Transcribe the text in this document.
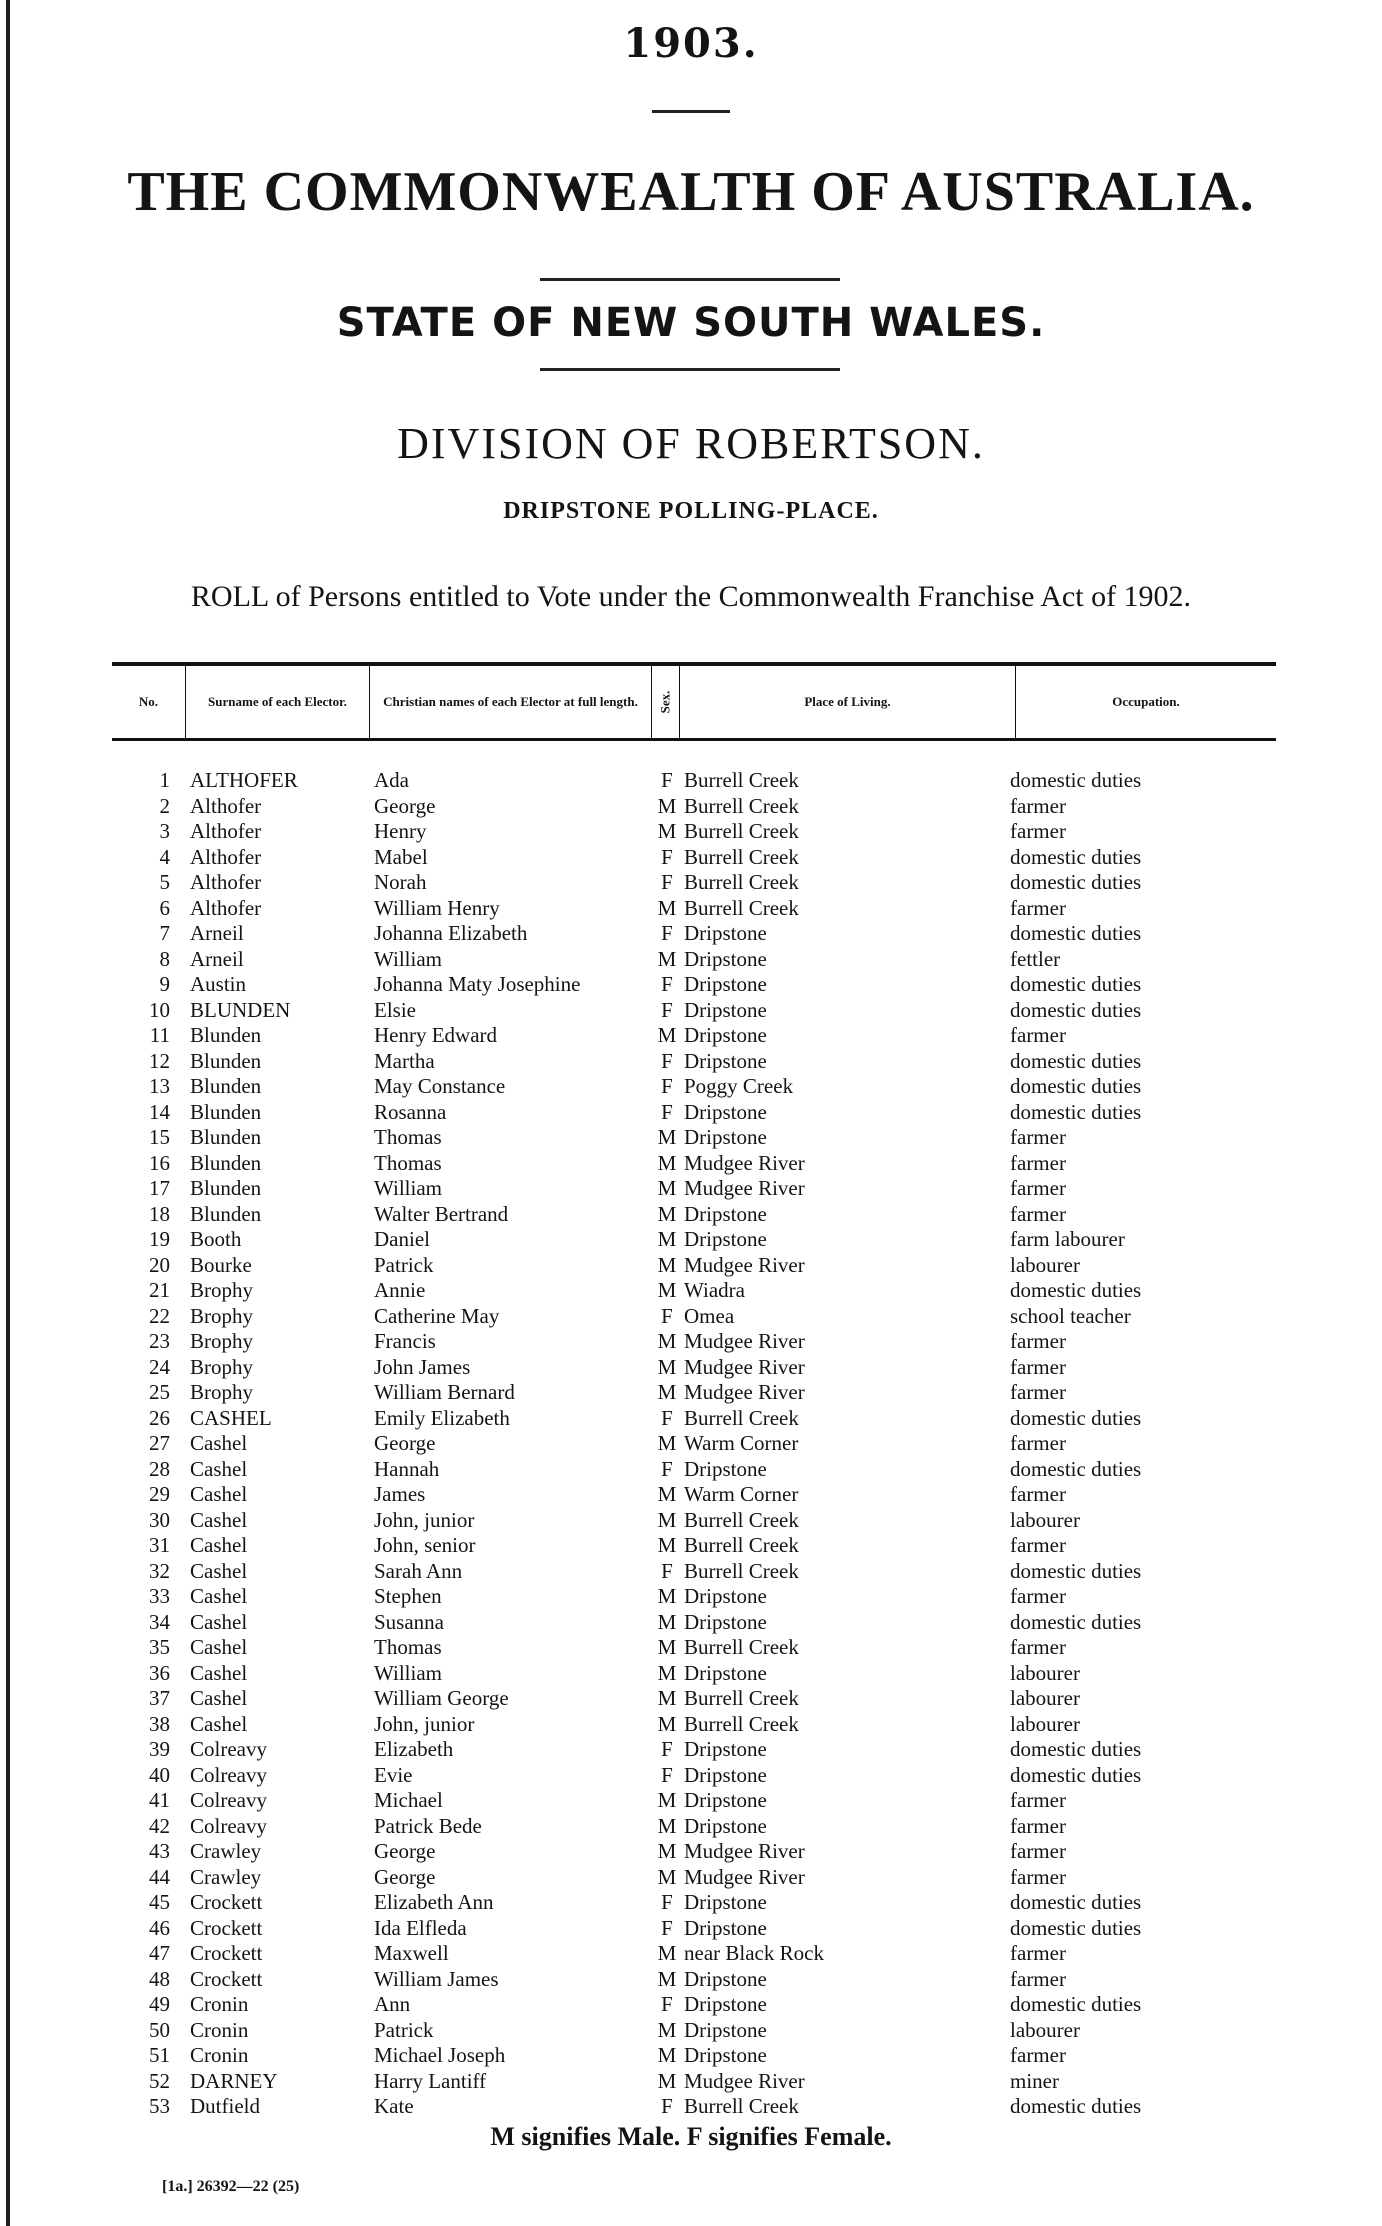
1903.
THE COMMONWEALTH OF AUSTRALIA.
STATE OF NEW SOUTH WALES.
DIVISION OF ROBERTSON.
DRIPSTONE POLLING-PLACE.
ROLL of Persons entitled to Vote under the Commonwealth Franchise Act of 1902.
No.	Surname of each Elector.	Christian names of each Elector at full length.	Sex.	Place of Living.	Occupation.
1 ALTHOFER	Ada	F Burrell Creek	domestic duties
2 Althofer	George	M Burrell Creek	farmer
3 Althofer	Henry	M Burrell Creek	farmer
4 Althofer	Mabel	F Burrell Creek	domestic duties
5 Althofer	Norah	F Burrell Creek	domestic duties
6 Althofer	William Henry	M Burrell Creek	farmer
7 Arneil	Johanna Elizabeth	F Dripstone	domestic duties
8 Arneil	William	M Dripstone	fettler
9 Austin	Johanna Maty Josephine	F Dripstone	domestic duties
10 BLUNDEN	Elsie	F Dripstone	domestic duties
11 Blunden	Henry Edward	M Dripstone	farmer
12 Blunden	Martha	F Dripstone	domestic duties
13 Blunden	May Constance	F Poggy Creek	domestic duties
14 Blunden	Rosanna	F Dripstone	domestic duties
15 Blunden	Thomas	M Dripstone	farmer
16 Blunden	Thomas	M Mudgee River	farmer
17 Blunden	William	M Mudgee River	farmer
18 Blunden	Walter Bertrand	M Dripstone	farmer
19 Booth	Daniel	M Dripstone	farm labourer
20 Bourke	Patrick	M Mudgee River	labourer
21 Brophy	Annie	M Wiadra	domestic duties
22 Brophy	Catherine May	F Omea	school teacher
23 Brophy	Francis	M Mudgee River	farmer
24 Brophy	John James	M Mudgee River	farmer
25 Brophy	William Bernard	M Mudgee River	farmer
26 CASHEL	Emily Elizabeth	F Burrell Creek	domestic duties
27 Cashel	George	M Warm Corner	farmer
28 Cashel	Hannah	F Dripstone	domestic duties
29 Cashel	James	M Warm Corner	farmer
30 Cashel	John, junior	M Burrell Creek	labourer
31 Cashel	John, senior	M Burrell Creek	farmer
32 Cashel	Sarah Ann	F Burrell Creek	domestic duties
33 Cashel	Stephen	M Dripstone	farmer
34 Cashel	Susanna	M Dripstone	domestic duties
35 Cashel	Thomas	M Burrell Creek	farmer
36 Cashel	William	M Dripstone	labourer
37 Cashel	William George	M Burrell Creek	labourer
38 Cashel	John, junior	M Burrell Creek	labourer
39 Colreavy	Elizabeth	F Dripstone	domestic duties
40 Colreavy	Evie	F Dripstone	domestic duties
41 Colreavy	Michael	M Dripstone	farmer
42 Colreavy	Patrick Bede	M Dripstone	farmer
43 Crawley	George	M Mudgee River	farmer
44 Crawley	George	M Mudgee River	farmer
45 Crockett	Elizabeth Ann	F Dripstone	domestic duties
46 Crockett	Ida Elfleda	F Dripstone	domestic duties
47 Crockett	Maxwell	M near Black Rock	farmer
48 Crockett	William James	M Dripstone	farmer
49 Cronin	Ann	F Dripstone	domestic duties
50 Cronin	Patrick	M Dripstone	labourer
51 Cronin	Michael Joseph	M Dripstone	farmer
52 DARNEY	Harry Lantiff	M Mudgee River	miner
53 Dutfield	Kate	F Burrell Creek	domestic duties
M signifies Male. F signifies Female.
[1a.] 26392—22 (25)
